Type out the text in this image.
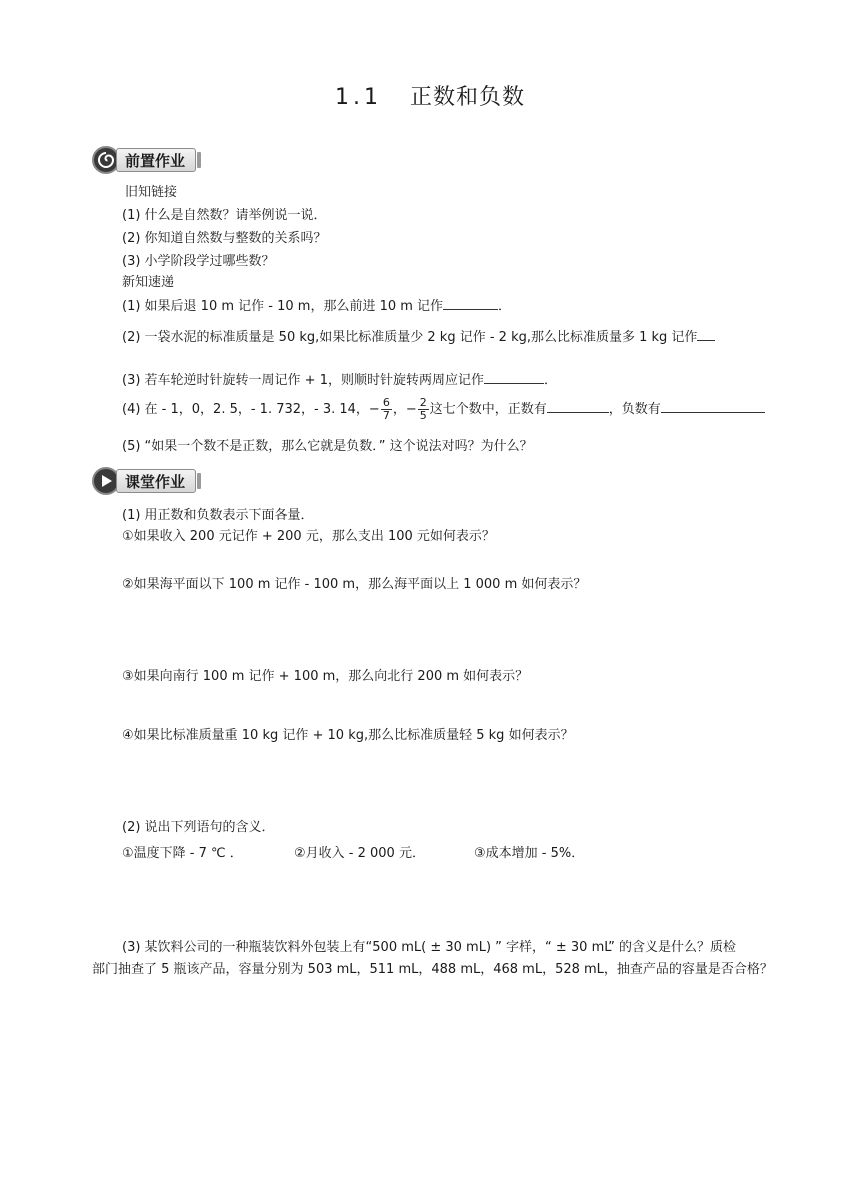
1.1 正数和负数
前置作业
旧知链接
(1) 什么是自然数？请举例说一说．
(2) 你知道自然数与整数的关系吗？
(3) 小学阶段学过哪些数？
新知速递
(1) 如果后退 10 m 记作 - 10 m，那么前进 10 m 记作	．
(2) 一袋水泥的标准质量是 50 kg,如果比标准质量少 2 kg 记作 - 2 kg,那么比标准质量多 1 kg 记作
(3) 若车轮逆时针旋转一周记作 + 1，则顺时针旋转两周应记作	．
(4) 在 - 1，0，2. 5，- 1. 732，- 3. 14，− $\frac{6}{7}$ ，− $\frac{2}{5}$ 这七个数中，正数有	，负数有
(5) “如果一个数不是正数，那么它就是负数．” 这个说法对吗？为什么？
课堂作业
(1) 用正数和负数表示下面各量．
①如果收入 200 元记作 + 200 元，那么支出 100 元如何表示？
②如果海平面以下 100 m 记作 - 100 m，那么海平面以上 1 000 m 如何表示？
③如果向南行 100 m 记作 + 100 m，那么向北行 200 m 如何表示？
④如果比标准质量重 10 kg 记作 + 10 kg,那么比标准质量轻 5 kg 如何表示？
(2) 说出下列语句的含义．
①温度下降 - 7 ℃ ．	②月收入 - 2 000 元．	③成本增加 - 5%．
(3) 某饮料公司的一种瓶装饮料外包装上有“500 mL( ± 30 mL) ” 字样，“ ± 30 mL” 的含义是什么？质检
部门抽查了 5 瓶该产品，容量分别为 503 mL，511 mL，488 mL，468 mL，528 mL，抽查产品的容量是否合格？
